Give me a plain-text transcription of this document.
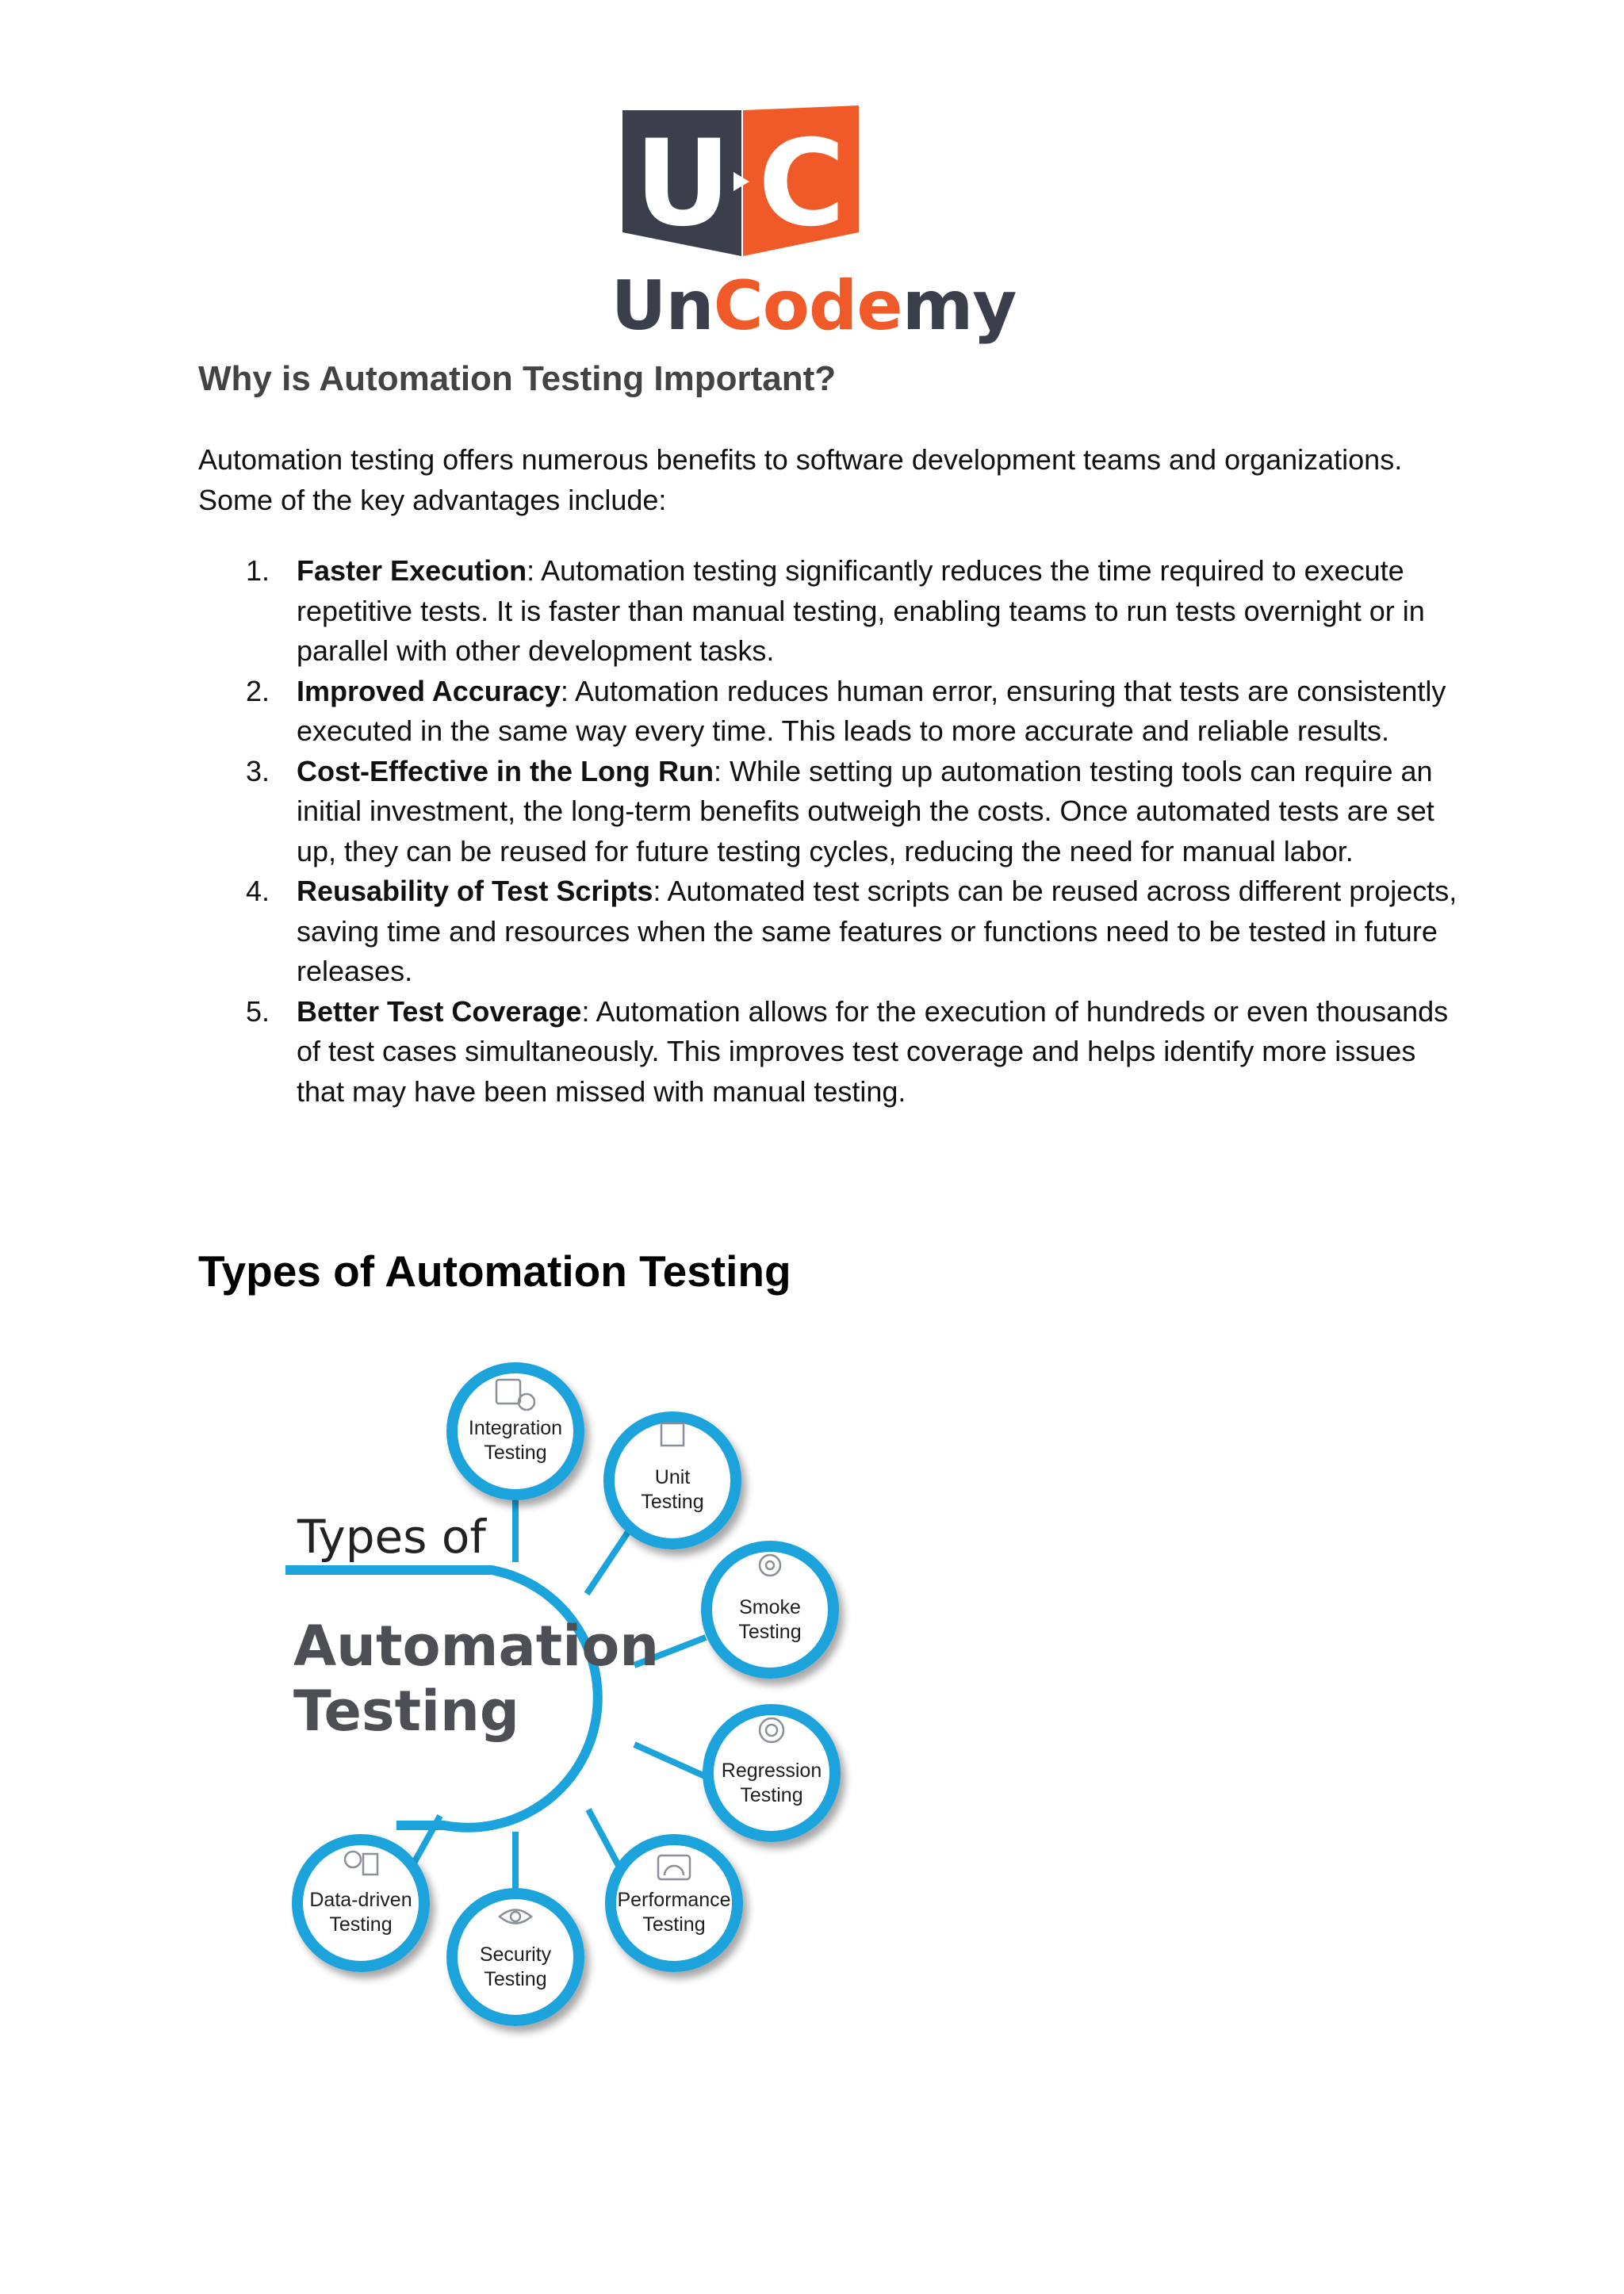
U C
UnCodemy
Why is Automation Testing Important?

Automation testing offers numerous benefits to software development teams and organizations. Some of the key advantages include:

1. Faster Execution: Automation testing significantly reduces the time required to execute repetitive tests. It is faster than manual testing, enabling teams to run tests overnight or in parallel with other development tasks.
2. Improved Accuracy: Automation reduces human error, ensuring that tests are consistently executed in the same way every time. This leads to more accurate and reliable results.
3. Cost-Effective in the Long Run: While setting up automation testing tools can require an initial investment, the long-term benefits outweigh the costs. Once automated tests are set up, they can be reused for future testing cycles, reducing the need for manual labor.
4. Reusability of Test Scripts: Automated test scripts can be reused across different projects, saving time and resources when the same features or functions need to be tested in future releases.
5. Better Test Coverage: Automation allows for the execution of hundreds or even thousands of test cases simultaneously. This improves test coverage and helps identify more issues that may have been missed with manual testing.
Types of Automation Testing
Types of
Automation
Testing
Integration
Testing
Unit
Testing
Smoke
Testing
Regression
Testing
Performance
Testing
Security
Testing
Data-driven
Testing
